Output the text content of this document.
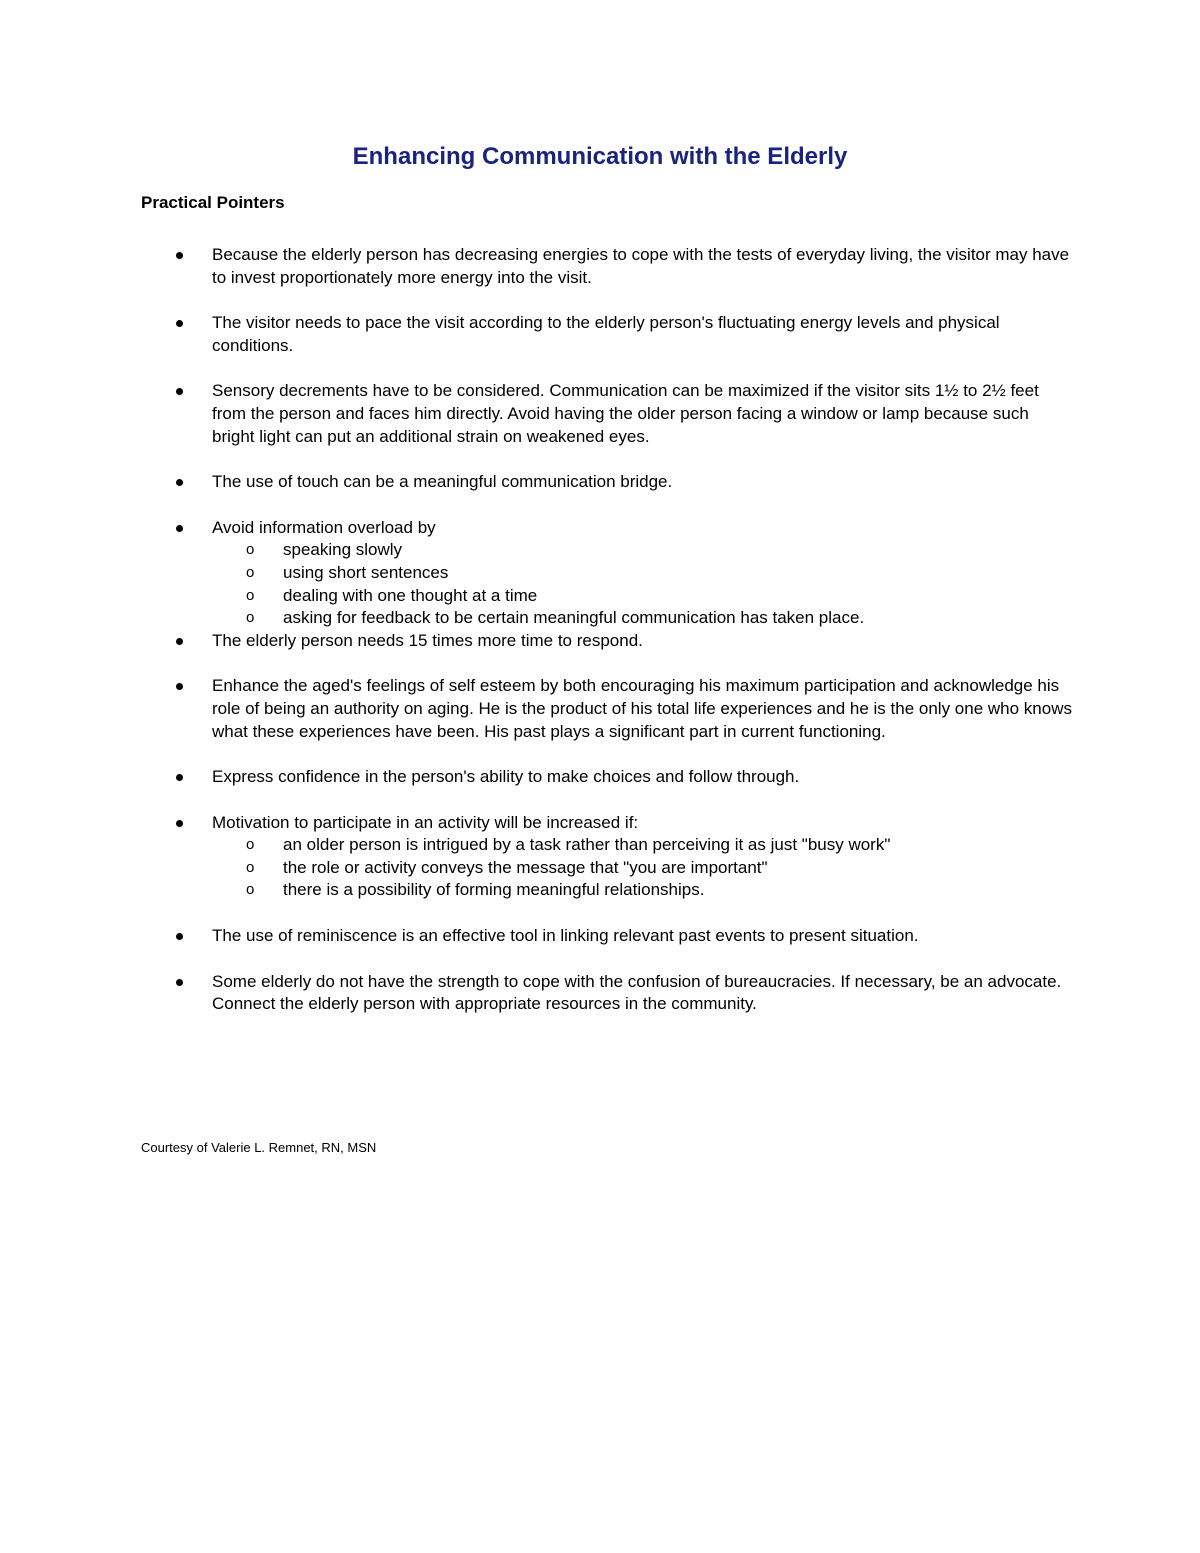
Enhancing Communication with the Elderly
Practical Pointers
Because the elderly person has decreasing energies to cope with the tests of everyday living, the visitor may have to invest proportionately more energy into the visit.
The visitor needs to pace the visit according to the elderly person's fluctuating energy levels and physical conditions.
Sensory decrements have to be considered. Communication can be maximized if the visitor sits 1½ to 2½ feet from the person and faces him directly. Avoid having the older person facing a window or lamp because such bright light can put an additional strain on weakened eyes.
The use of touch can be a meaningful communication bridge.
Avoid information overload by
o speaking slowly
o using short sentences
o dealing with one thought at a time
o asking for feedback to be certain meaningful communication has taken place.
The elderly person needs 15 times more time to respond.
Enhance the aged's feelings of self esteem by both encouraging his maximum participation and acknowledge his role of being an authority on aging. He is the product of his total life experiences and he is the only one who knows what these experiences have been. His past plays a significant part in current functioning.
Express confidence in the person's ability to make choices and follow through.
Motivation to participate in an activity will be increased if:
o an older person is intrigued by a task rather than perceiving it as just "busy work"
o the role or activity conveys the message that "you are important"
o there is a possibility of forming meaningful relationships.
The use of reminiscence is an effective tool in linking relevant past events to present situation.
Some elderly do not have the strength to cope with the confusion of bureaucracies. If necessary, be an advocate. Connect the elderly person with appropriate resources in the community.

Courtesy of Valerie L. Remnet, RN, MSN
